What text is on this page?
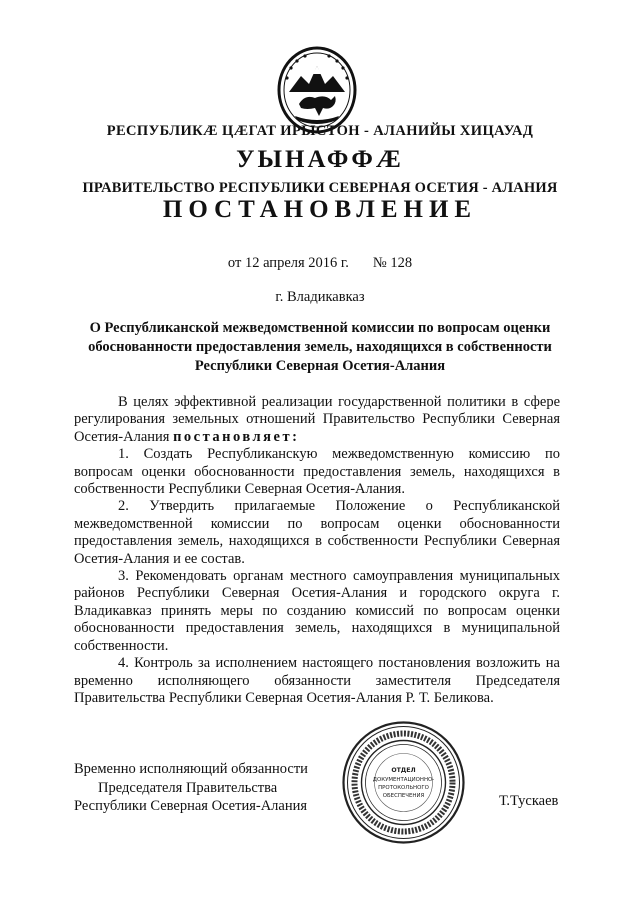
РЕСПУБЛИКӔ ЦӔГАТ ИРЫСТОН - АЛАНИЙЫ ХИЦАУАД
УЫНАФФӔ
ПРАВИТЕЛЬСТВО РЕСПУБЛИКИ СЕВЕРНАЯ ОСЕТИЯ - АЛАНИЯ
ПОСТАНОВЛЕНИЕ
от 12 апреля 2016 г. № 128
г. Владикавказ
О Республиканской межведомственной комиссии по вопросам оценки обоснованности предоставления земель, находящихся в собственности Республики Северная Осетия-Алания

В целях эффективной реализации государственной политики в сфере регулирования земельных отношений Правительство Республики Северная Осетия-Алания постановляет:

1. Создать Республиканскую межведомственную комиссию по вопросам оценки обоснованности предоставления земель, находящихся в собственности Республики Северная Осетия-Алания.

2. Утвердить прилагаемые Положение о Республиканской межведомственной комиссии по вопросам оценки обоснованности предоставления земель, находящихся в собственности Республики Северная Осетия-Алания и ее состав.

3. Рекомендовать органам местного самоуправления муниципальных районов Республики Северная Осетия-Алания и городского округа г. Владикавказ принять меры по созданию комиссий по вопросам оценки обоснованности предоставления земель, находящихся в муниципальной собственности.

4. Контроль за исполнением настоящего постановления возложить на временно исполняющего обязанности заместителя Председателя Правительства Республики Северная Осетия-Алания Р. Т. Беликова.

Временно исполняющий обязанности
Председателя Правительства
Республики Северная Осетия-Алания
ОТДЕЛ
ДОКУМЕНТАЦИОННО-
ПРОТОКОЛЬНОГО
ОБЕСПЕЧЕНИЯ	Т.Тускаев
